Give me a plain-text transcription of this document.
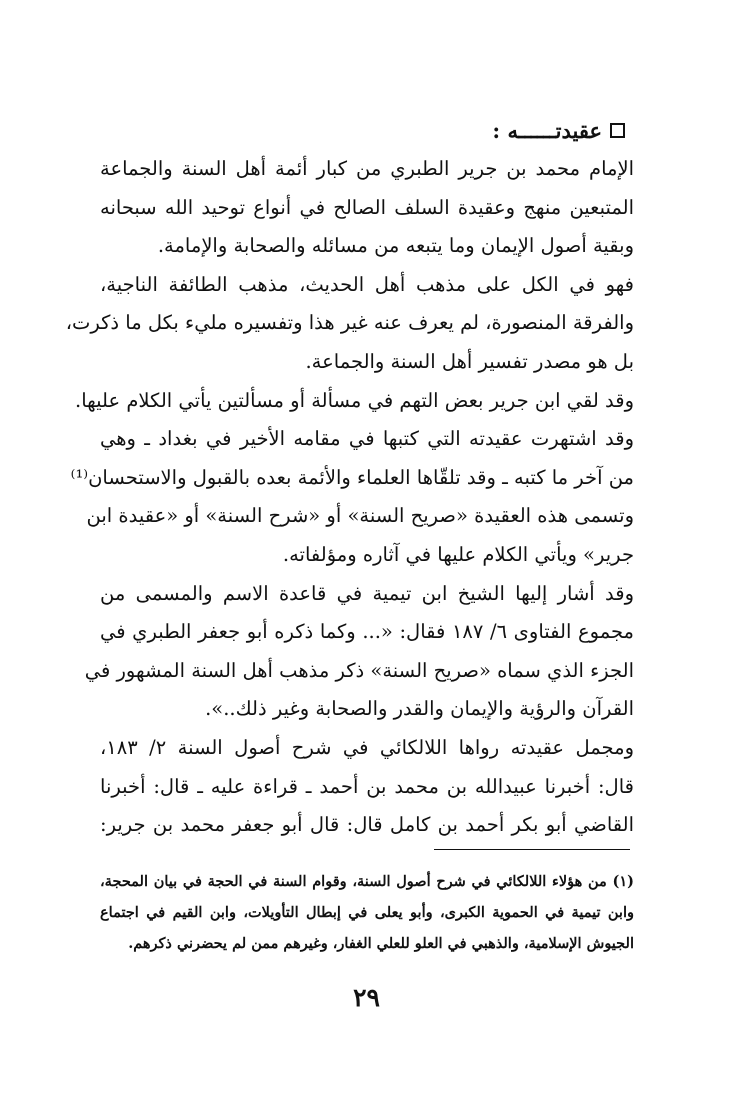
عقيدتــــــه :
الإمام محمد بن جرير الطبري من كبار أئمة أهل السنة والجماعة
المتبعين منهج وعقيدة السلف الصالح في أنواع توحيد الله سبحانه
وبقية أصول الإيمان وما يتبعه من مسائله والصحابة والإمامة.
فهو في الكل على مذهب أهل الحديث، مذهب الطائفة الناجية،
والفرقة المنصورة، لم يعرف عنه غير هذا وتفسيره مليء بكل ما ذكرت،
بل هو مصدر تفسير أهل السنة والجماعة.
وقد لقي ابن جرير بعض التهم في مسألة أو مسألتين يأتي الكلام عليها.
وقد اشتهرت عقيدته التي كتبها في مقامه الأخير في بغداد ـ وهي
من آخر ما كتبه ـ وقد تلقّاها العلماء والأئمة بعده بالقبول والاستحسان⁽¹⁾
وتسمى هذه العقيدة «صريح السنة» أو «شرح السنة» أو «عقيدة ابن
جرير» ويأتي الكلام عليها في آثاره ومؤلفاته.
وقد أشار إليها الشيخ ابن تيمية في قاعدة الاسم والمسمى من
مجموع الفتاوى ٦/ ١٨٧ فقال: «... وكما ذكره أبو جعفر الطبري في
الجزء الذي سماه «صريح السنة» ذكر مذهب أهل السنة المشهور في
القرآن والرؤية والإيمان والقدر والصحابة وغير ذلك..».
ومجمل عقيدته رواها اللالكائي في شرح أصول السنة ٢/ ١٨٣،
قال: أخبرنا عبيدالله بن محمد بن أحمد ـ قراءة عليه ـ قال: أخبرنا
القاضي أبو بكر أحمد بن كامل قال: قال أبو جعفر محمد بن جرير:
(١) من هؤلاء اللالكائي في شرح أصول السنة، وقوام السنة في الحجة في بيان المحجة،
وابن تيمية في الحموية الكبرى، وأبو يعلى في إبطال التأويلات، وابن القيم في اجتماع
الجيوش الإسلامية، والذهبي في العلو للعلي الغفار، وغيرهم ممن لم يحضرني ذكرهم.
٢٩
